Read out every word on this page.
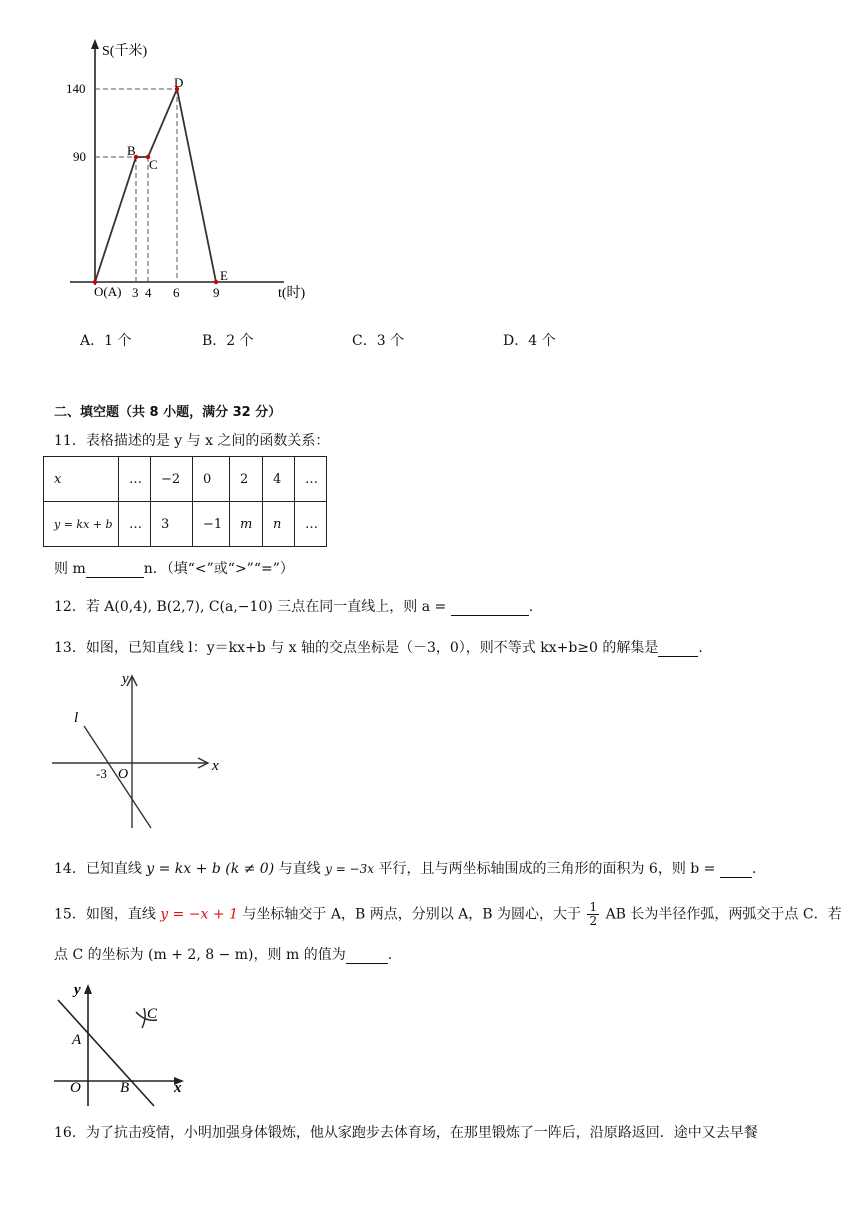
S(千米)
t(时)
140
90
3 4 6	9
O(A)
B
C
D
E
A．1 个	B．2 个	C．3 个	D．4 个
二、填空题（共 8 小题，满分 32 分）
11．表格描述的是 y 与 x 之间的函数关系：
x	…	−2	0	2	4	…
y = kx + b	…	3	−1	m	n	…
则 m	n．（填“<”或“>”“=”）
12．若 A(0,4), B(2,7), C(a,−10) 三点在同一直线上，则 a =	.
13．如图，已知直线 l：y＝kx+b 与 x 轴的交点坐标是（－3，0），则不等式 kx+b≥0 的解集是	.
y
x
l
-3 O
14．已知直线 y = kx + b (k ≠ 0) 与直线 y = −3x 平行，且与两坐标轴围成的三角形的面积为 6，则 b = .
15．如图，直线 y = −x + 1 与坐标轴交于 A，B 两点，分别以 A，B 为圆心，大于 $\frac{1}{2}$ AB 长为半径作弧，两弧交于点 C．若
点 C 的坐标为 (m + 2, 8 − m)，则 m 的值为	.
y
x
A
B
C
O
16．为了抗击疫情，小明加强身体锻炼，他从家跑步去体育场，在那里锻炼了一阵后，沿原路返回．途中又去早餐
